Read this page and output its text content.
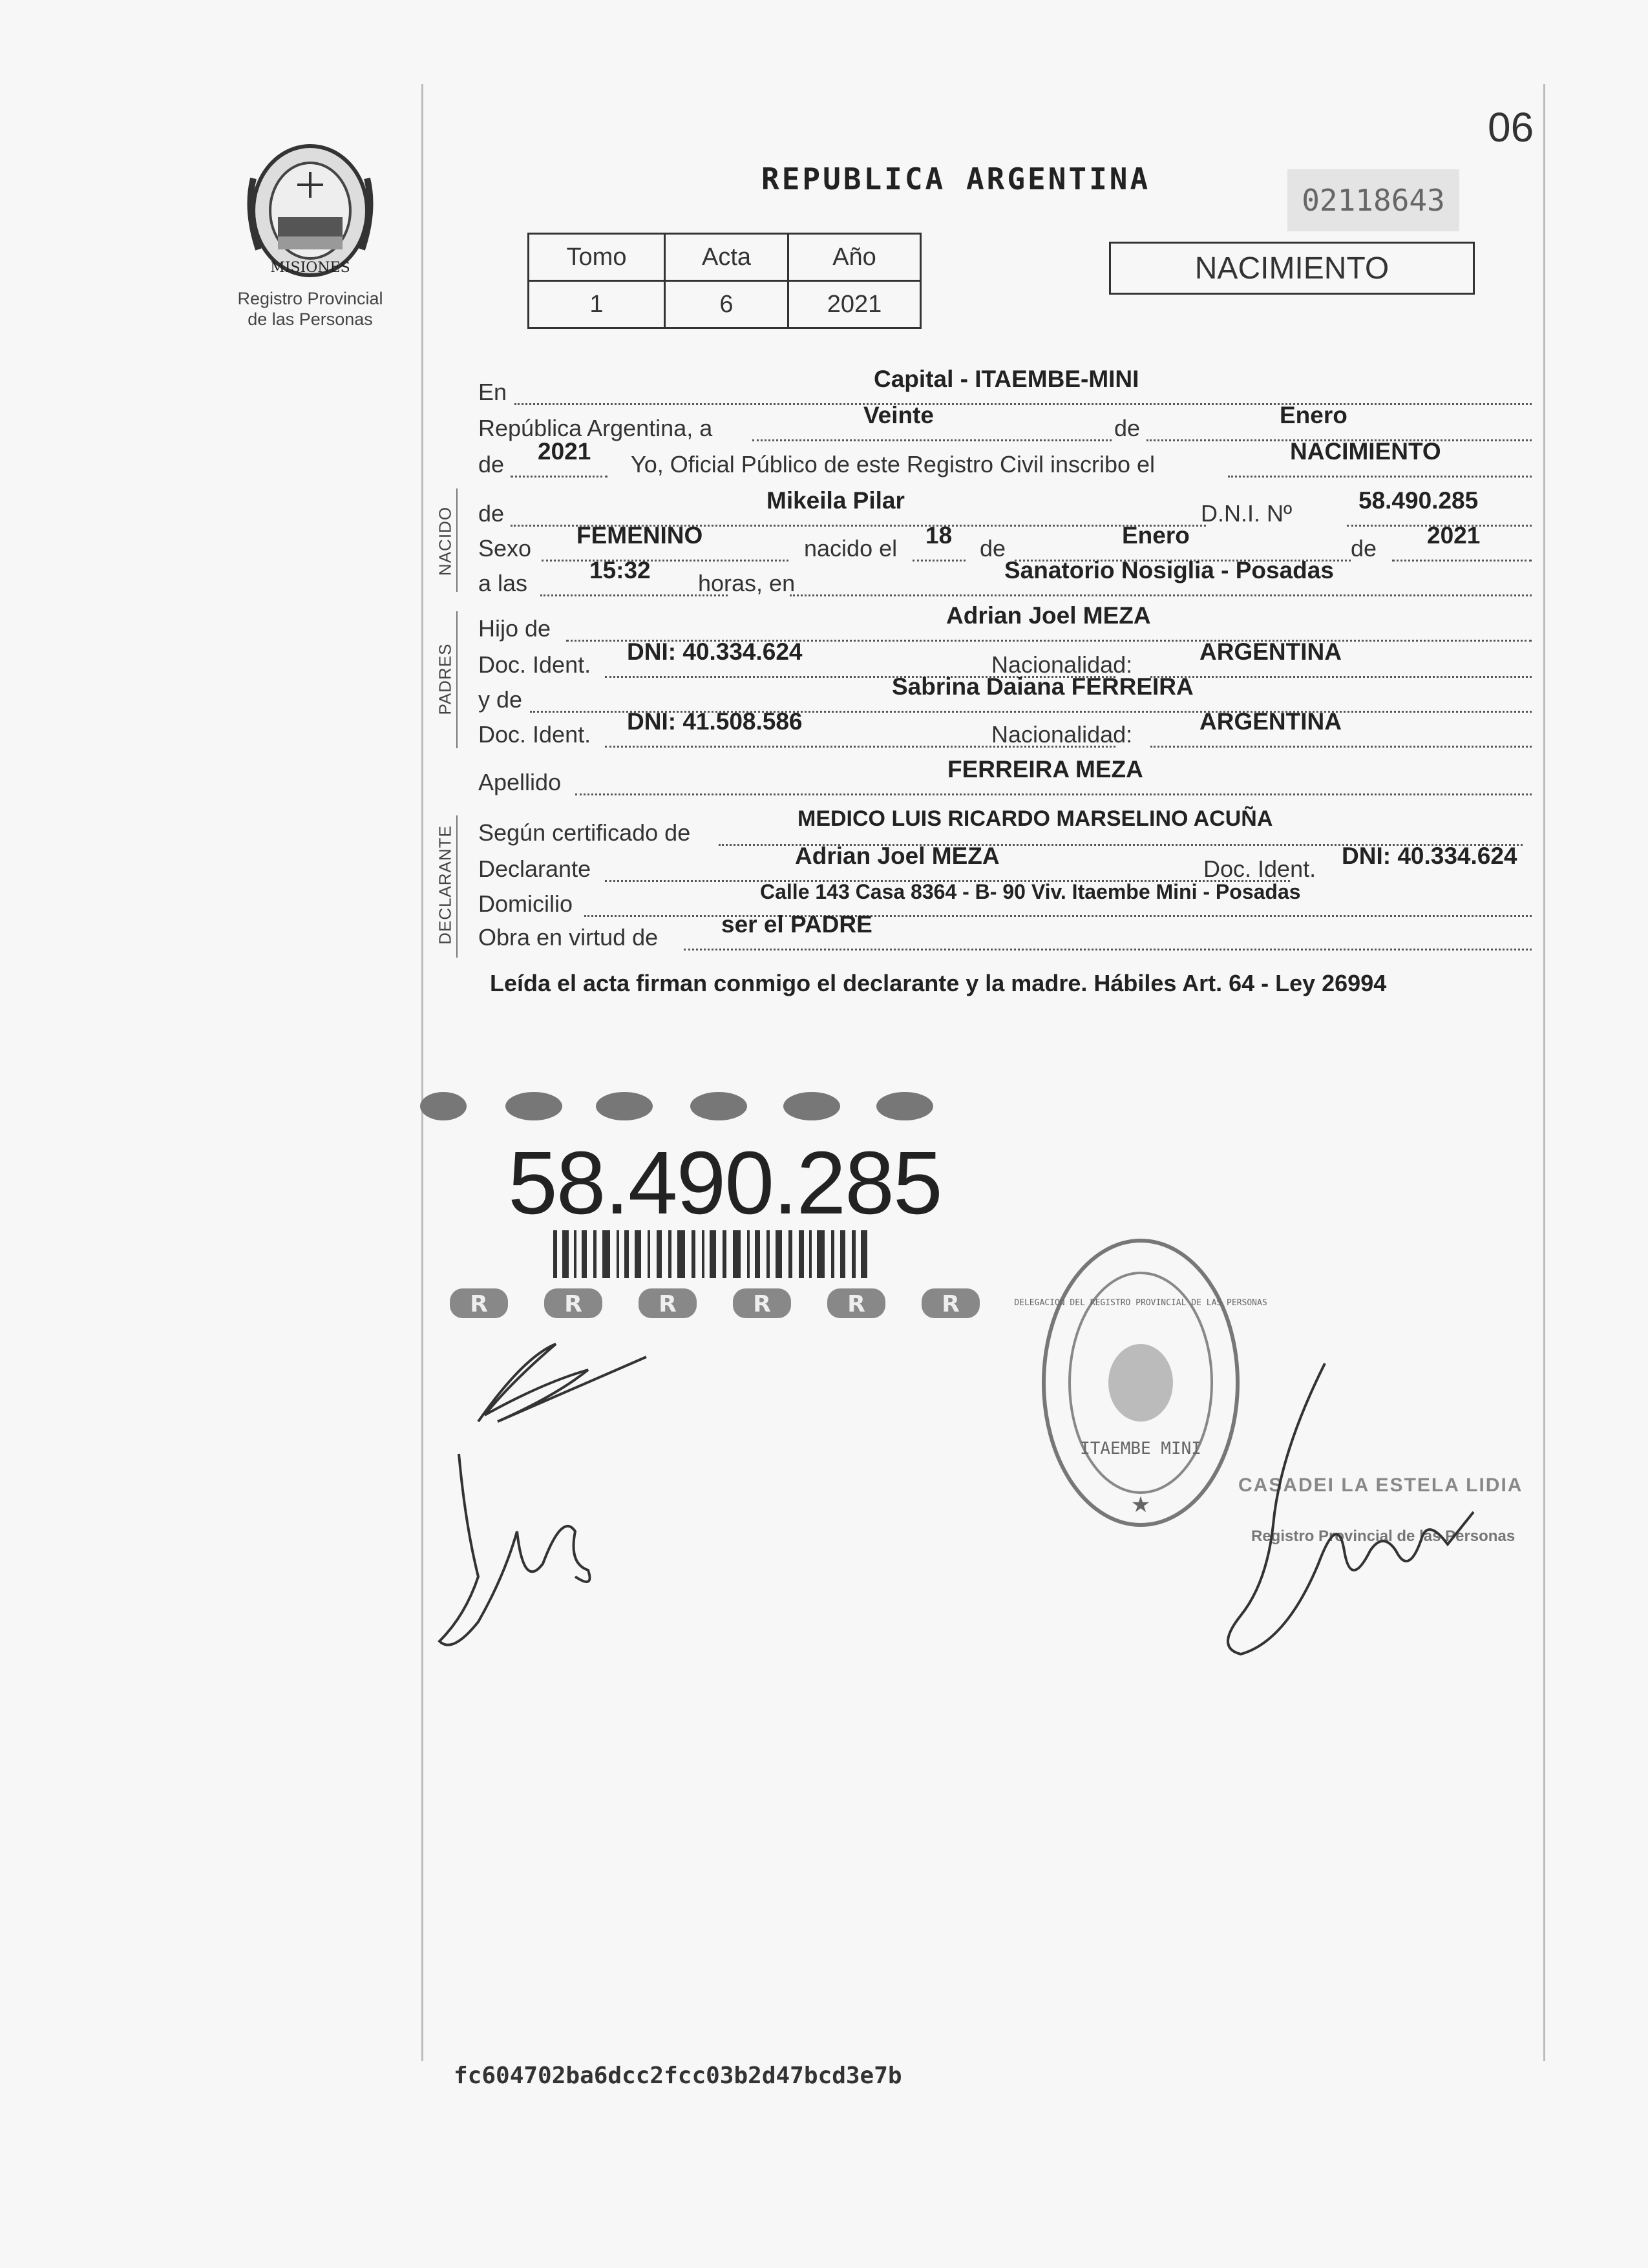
06
MISIONES
Registro Provincial
de las Personas
REPUBLICA ARGENTINA
02118643
Tomo	Acta	Año
1	6	2021
NACIMIENTO
En	Capital - ITAEMBE-MINI
República Argentina, a	Veinte	de	Enero
de 2021 Yo, Oficial Público de este Registro Civil inscribo el	NACIMIENTO
NACIDO de	Mikeila Pilar	D.N.I. Nº	58.490.285
Sexo FEMENINO	nacido el 18 de	Enero	de 2021
a las	15:32 horas, en	Sanatorio Nosiglia - Posadas
PADRES
Hijo de	Adrian Joel MEZA
Doc. Ident. DNI: 40.334.624	Nacionalidad:	ARGENTINA
y de	Sabrina Daiana FERREIRA
Doc. Ident. DNI: 41.508.586	Nacionalidad:	ARGENTINA
Apellido	FERREIRA MEZA
DECLARANTE Según certificado de
MEDICO LUIS RICARDO MARSELINO ACUÑA
Declarante	Adrian Joel MEZA	Doc. Ident. DNI: 40.334.624
Domicilio	Calle 143 Casa 8364 - B- 90 Viv. Itaembe Mini - Posadas
Obra en virtud de	ser el PADRE
Leída el acta firman conmigo el declarante y la madre. Hábiles Art. 64 - Ley 26994
R	R	R	R	R	R
58.490.285
ITAEMBE MINI
DELEGACION DEL REGISTRO PROVINCIAL DE LAS PERSONAS
★
CASADEI LA ESTELA LIDIA
Registro Provincial de las Personas
fc604702ba6dcc2fcc03b2d47bcd3e7b
